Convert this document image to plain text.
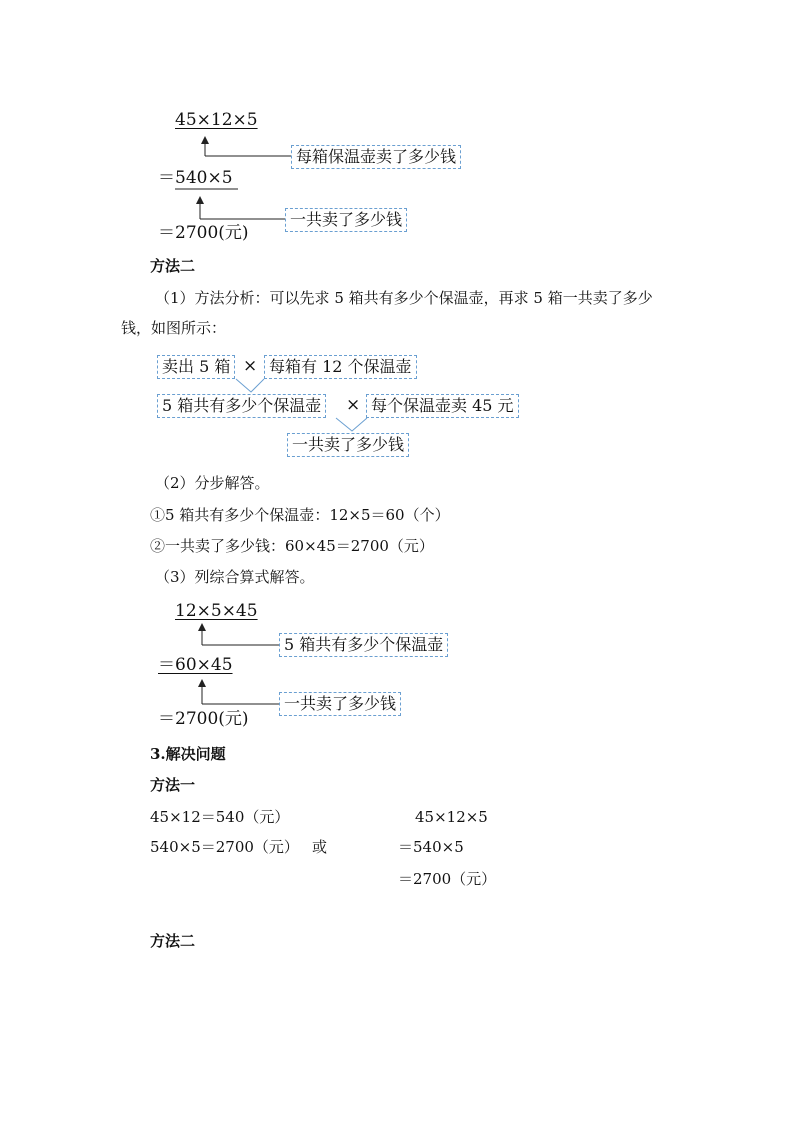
45×12×5
每箱保温壶卖了多少钱
＝540×5
一共卖了多少钱
＝2700(元)
方法二
（1）方法分析：可以先求 5 箱共有多少个保温壶，再求 5 箱一共卖了多少
钱，如图所示：
卖出 5 箱 × 每箱有 12 个保温壶
5 箱共有多少个保温壶 × 每个保温壶卖 45 元
一共卖了多少钱
（2）分步解答。
①5 箱共有多少个保温壶：12×5＝60（个）
②一共卖了多少钱：60×45＝2700（元）
（3）列综合算式解答。
12×5×45
5 箱共有多少个保温壶
＝60×45
一共卖了多少钱
＝2700(元)
3.解决问题
方法一
45×12＝540（元）
540×5＝2700（元） 或
45×12×5
＝540×5
＝2700（元）
方法二
